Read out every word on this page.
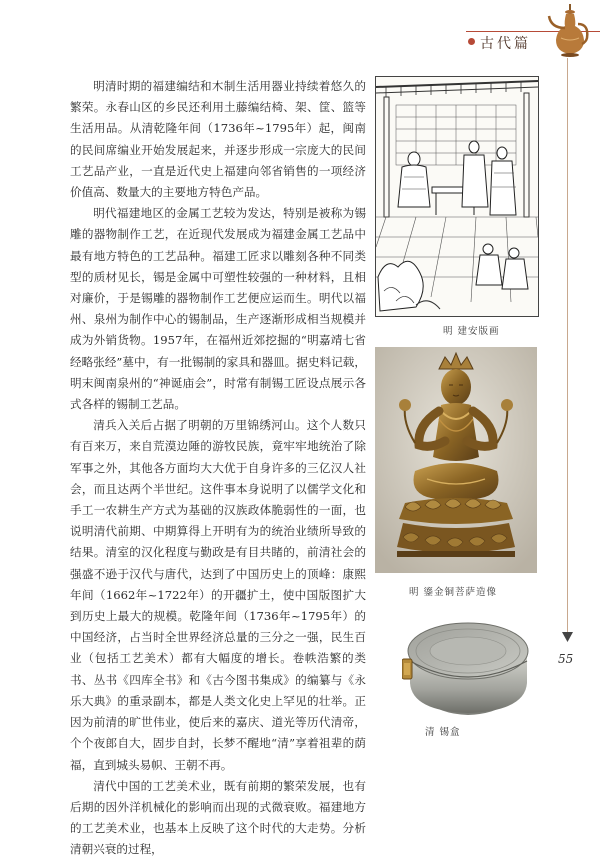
古代篇
55

明清时期的福建编结和木制生活用器业持续着悠久的繁荣。永春山区的乡民还利用土藤编结椅、架、筐、篮等生活用品。从清乾隆年间（1736年~1795年）起，闽南的民间席编业开始发展起来，并逐步形成一宗庞大的民间工艺品产业，一直是近代史上福建向邻省销售的一项经济价值高、数量大的主要地方特色产品。

明代福建地区的金属工艺较为发达，特别是被称为锡雕的器物制作工艺，在近现代发展成为福建金属工艺品中最有地方特色的工艺品种。福建工匠求以雕刻各种不同类型的质材见长，锡是金属中可塑性较强的一种材料，且相对廉价，于是锡雕的器物制作工艺便应运而生。明代以福州、泉州为制作中心的锡制品，生产逐渐形成相当规模并成为外销货物。1957年，在福州近郊挖掘的“明嘉靖七省经略张经”墓中，有一批锡制的家具和器皿。据史料记载，明末闽南泉州的“神诞庙会”，时常有制锡工匠设点展示各式各样的锡制工艺品。

清兵入关后占据了明朝的万里锦绣河山。这个人数只有百来万，来自荒漠边陲的游牧民族，竟牢牢地统治了除军事之外，其他各方面均大大优于自身许多的三亿汉人社会，而且达两个半世纪。这件事本身说明了以儒学文化和手工一农耕生产方式为基础的汉族政体脆弱性的一面，也说明清代前期、中期算得上开明有为的统治业绩所导致的结果。清室的汉化程度与勤政是有目共睹的，前清社会的强盛不逊于汉代与唐代，达到了中国历史上的顶峰：康熙年间（1662年~1722年）的开疆扩土，使中国版图扩大到历史上最大的规模。乾隆年间（1736年~1795年）的中国经济，占当时全世界经济总量的三分之一强，民生百业（包括工艺美术）都有大幅度的增长。卷帙浩繁的类书、丛书《四库全书》和《古今图书集成》的编纂与《永乐大典》的重录副本，都是人类文化史上罕见的壮举。正因为前清的旷世伟业，使后来的嘉庆、道光等历代清帝，个个夜郎自大，固步自封，长梦不醒地“清”享着祖辈的荫福，直到城头易帜、王朝不再。

清代中国的工艺美术业，既有前期的繁荣发展，也有后期的因外洋机械化的影响而出现的式微衰败。福建地方的工艺美术业，也基本上反映了这个时代的大走势。分析清朝兴衰的过程，

明 建安版画
明 鎏金铜菩萨造像
清 锡盒
